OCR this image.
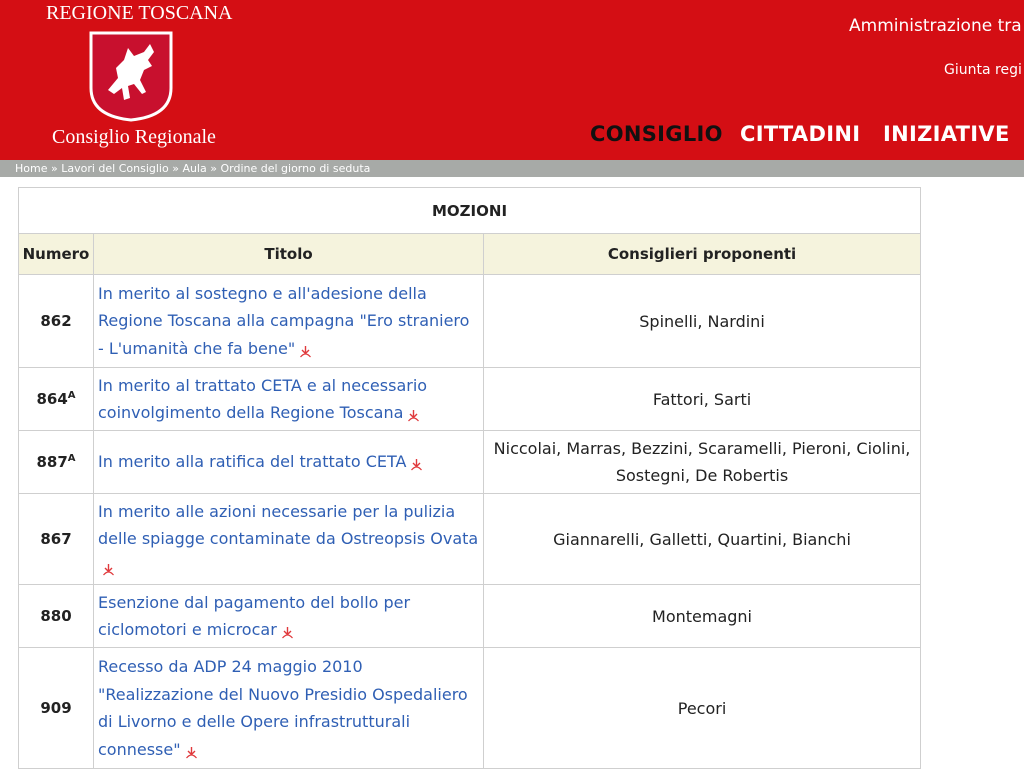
REGIONE TOSCANA
Consiglio Regionale
Amministrazione tra
Giunta regi
CONSIGLIO CITTADINI INIZIATIVE
Home » Lavori del Consiglio » Aula » Ordine del giorno di seduta
MOZIONI		
Numero	Titolo	Consiglieri proponenti
862	In merito al sostegno e all'adesione della Regione Toscana alla campagna "Ero straniero - L'umanità che fa bene"	Spinelli, Nardini
$864^A$	In merito al trattato CETA e al necessario coinvolgimento della Regione Toscana	Fattori, Sarti
$887^A$	In merito alla ratifica del trattato CETA	Niccolai, Marras, Bezzini, Scaramelli, Pieroni, Ciolini, Sostegni, De Robertis
867	In merito alle azioni necessarie per la pulizia delle spiagge contaminate da Ostreopsis Ovata	Giannarelli, Galletti, Quartini, Bianchi
880	Esenzione dal pagamento del bollo per ciclomotori e microcar	Montemagni
909	Recesso da ADP 24 maggio 2010 "Realizzazione del Nuovo Presidio Ospedaliero di Livorno e delle Opere infrastrutturali connesse"	Pecori
